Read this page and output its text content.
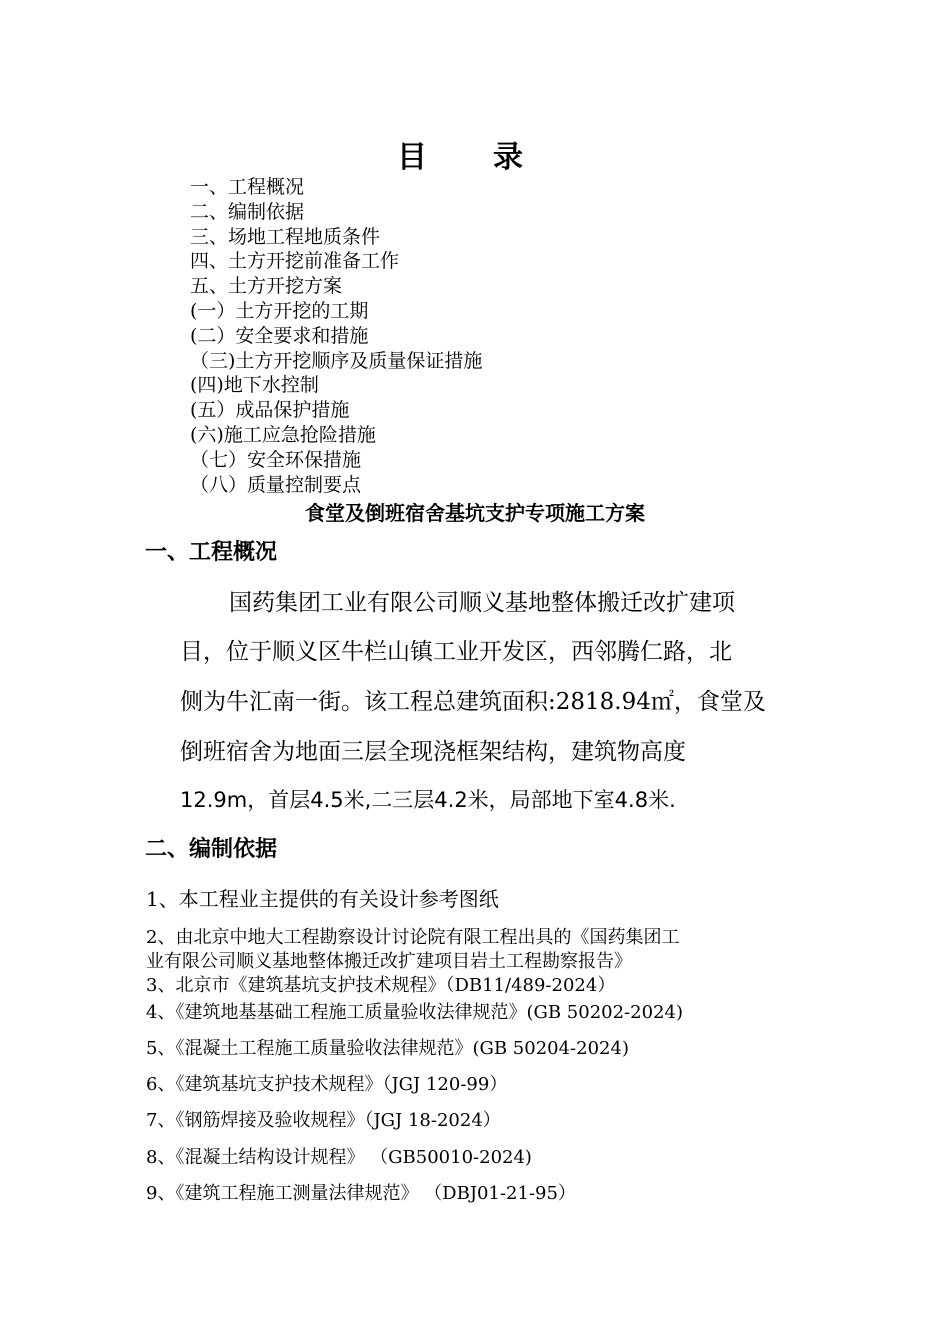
目 录
一、工程概况
二、编制依据
三、场地工程地质条件
四、土方开挖前准备工作
五、土方开挖方案
(一）土方开挖的工期
(二）安全要求和措施
（三)土方开挖顺序及质量保证措施
(四)地下水控制
(五）成品保护措施
(六)施工应急抢险措施
（七）安全环保措施
（八）质量控制要点
食堂及倒班宿舍基坑支护专项施工方案
一、工程概况
国药集团工业有限公司顺义基地整体搬迁改扩建项
目，位于顺义区牛栏山镇工业开发区，西邻腾仁路，北
侧为牛汇南一街。该工程总建筑面积:2818.94㎡，食堂及
倒班宿舍为地面三层全现浇框架结构，建筑物高度
12.9m，首层4.5米,二三层4.2米，局部地下室4.8米.
二、编制依据
1、本工程业主提供的有关设计参考图纸
2、由北京中地大工程勘察设计讨论院有限工程出具的《国药集团工
业有限公司顺义基地整体搬迁改扩建项目岩土工程勘察报告》
3、北京市《建筑基坑支护技术规程》（DB11/489-2024）
4、《建筑地基基础工程施工质量验收法律规范》(GB 50202-2024)
5、《混凝土工程施工质量验收法律规范》(GB 50204-2024)
6、《建筑基坑支护技术规程》（JGJ 120-99）
7、《钢筋焊接及验收规程》（JGJ 18-2024）
8、《混凝土结构设计规程》 （GB50010-2024)
9、《建筑工程施工测量法律规范》 （DBJ01-21-95）
